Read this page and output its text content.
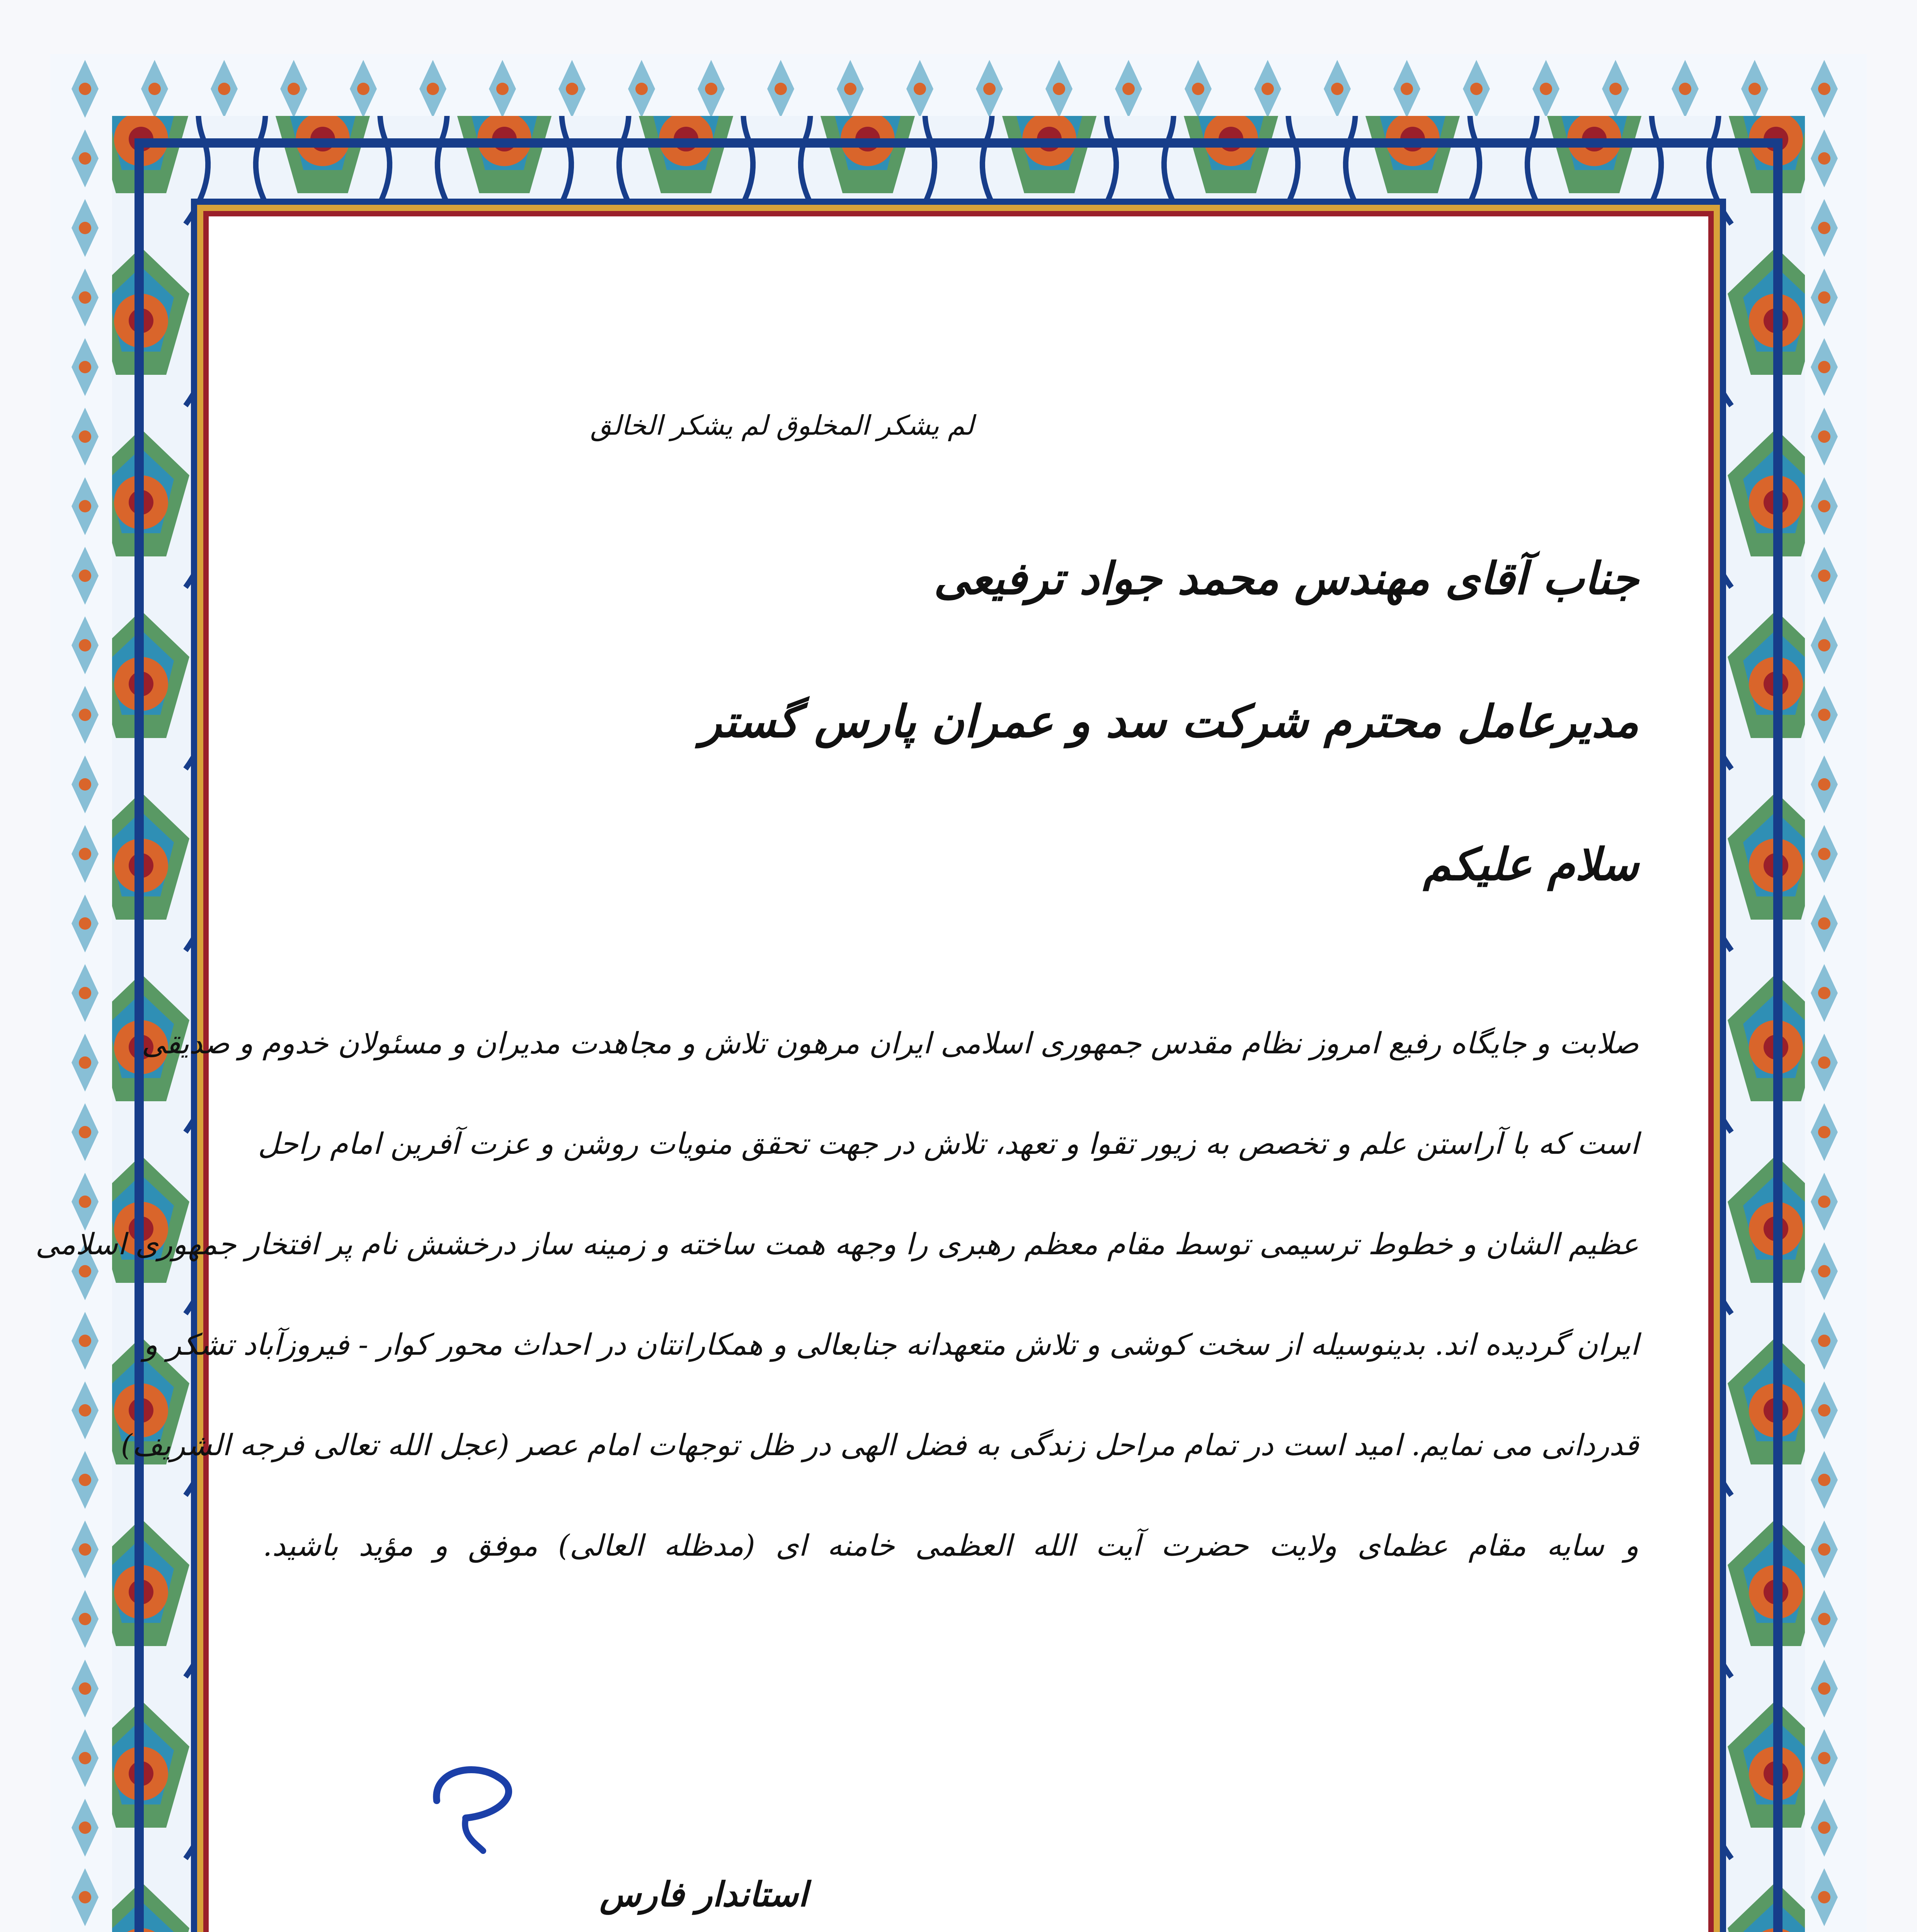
لم یشکر المخلوق لم یشکر الخالق
جناب آقای مهندس محمد جواد ترفیعی
مدیرعامل محترم شرکت سد و عمران پارس گستر
سلام علیکم
صلابت و جایگاه رفیع امروز نظام مقدس جمهوری اسلامی ایران مرهون تلاش و مجاهدت مدیران و مسئولان خدوم و صدیقی
است که با آراستن علم و تخصص به زیور تقوا و تعهد، تلاش در جهت تحقق منویات روشن و عزت آفرین امام راحل
عظیم الشان و خطوط ترسیمی توسط مقام معظم رهبری را وجهه همت ساخته و زمینه ساز درخشش نام پر افتخار جمهوری اسلامی
ایران گردیده اند. بدینوسیله از سخت کوشی و تلاش متعهدانه جنابعالی و همکارانتان در احداث محور کوار - فیروزآباد تشکر و
قدردانی می نمایم. امید است در تمام مراحل زندگی به فضل الهی در ظل توجهات امام عصر (عجل الله تعالی فرجه الشریف)
و سایه مقام عظمای ولایت حضرت آیت الله العظمی خامنه ای (مدظله العالی) موفق و مؤید باشید.
استاندار فارس
